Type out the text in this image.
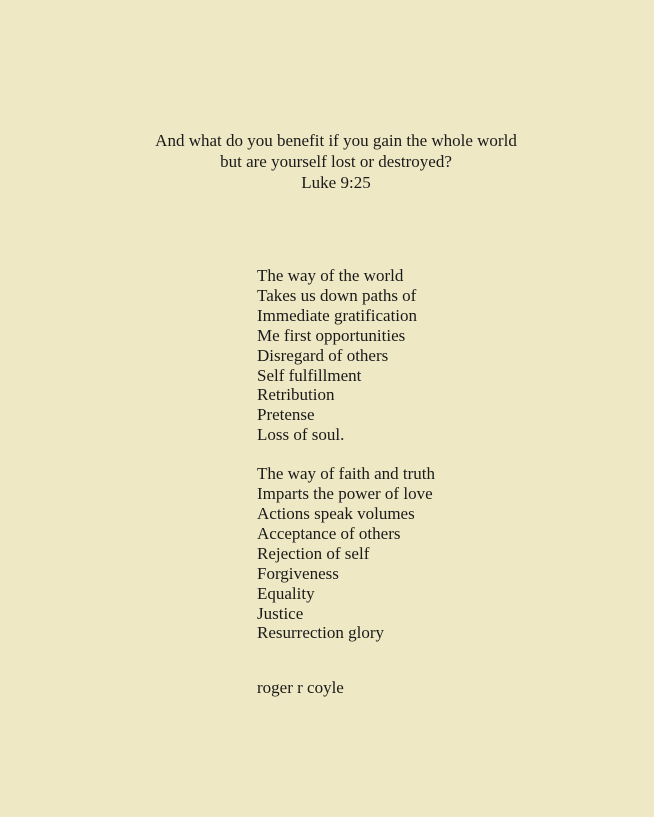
And what do you benefit if you gain the whole world
but are yourself lost or destroyed?
Luke 9:25
The way of the world
Takes us down paths of
Immediate gratification
Me first opportunities
Disregard of others
Self fulfillment
Retribution
Pretense
Loss of soul.
The way of faith and truth
Imparts the power of love
Actions speak volumes
Acceptance of others
Rejection of self
Forgiveness
Equality
Justice
Resurrection glory
roger r coyle
